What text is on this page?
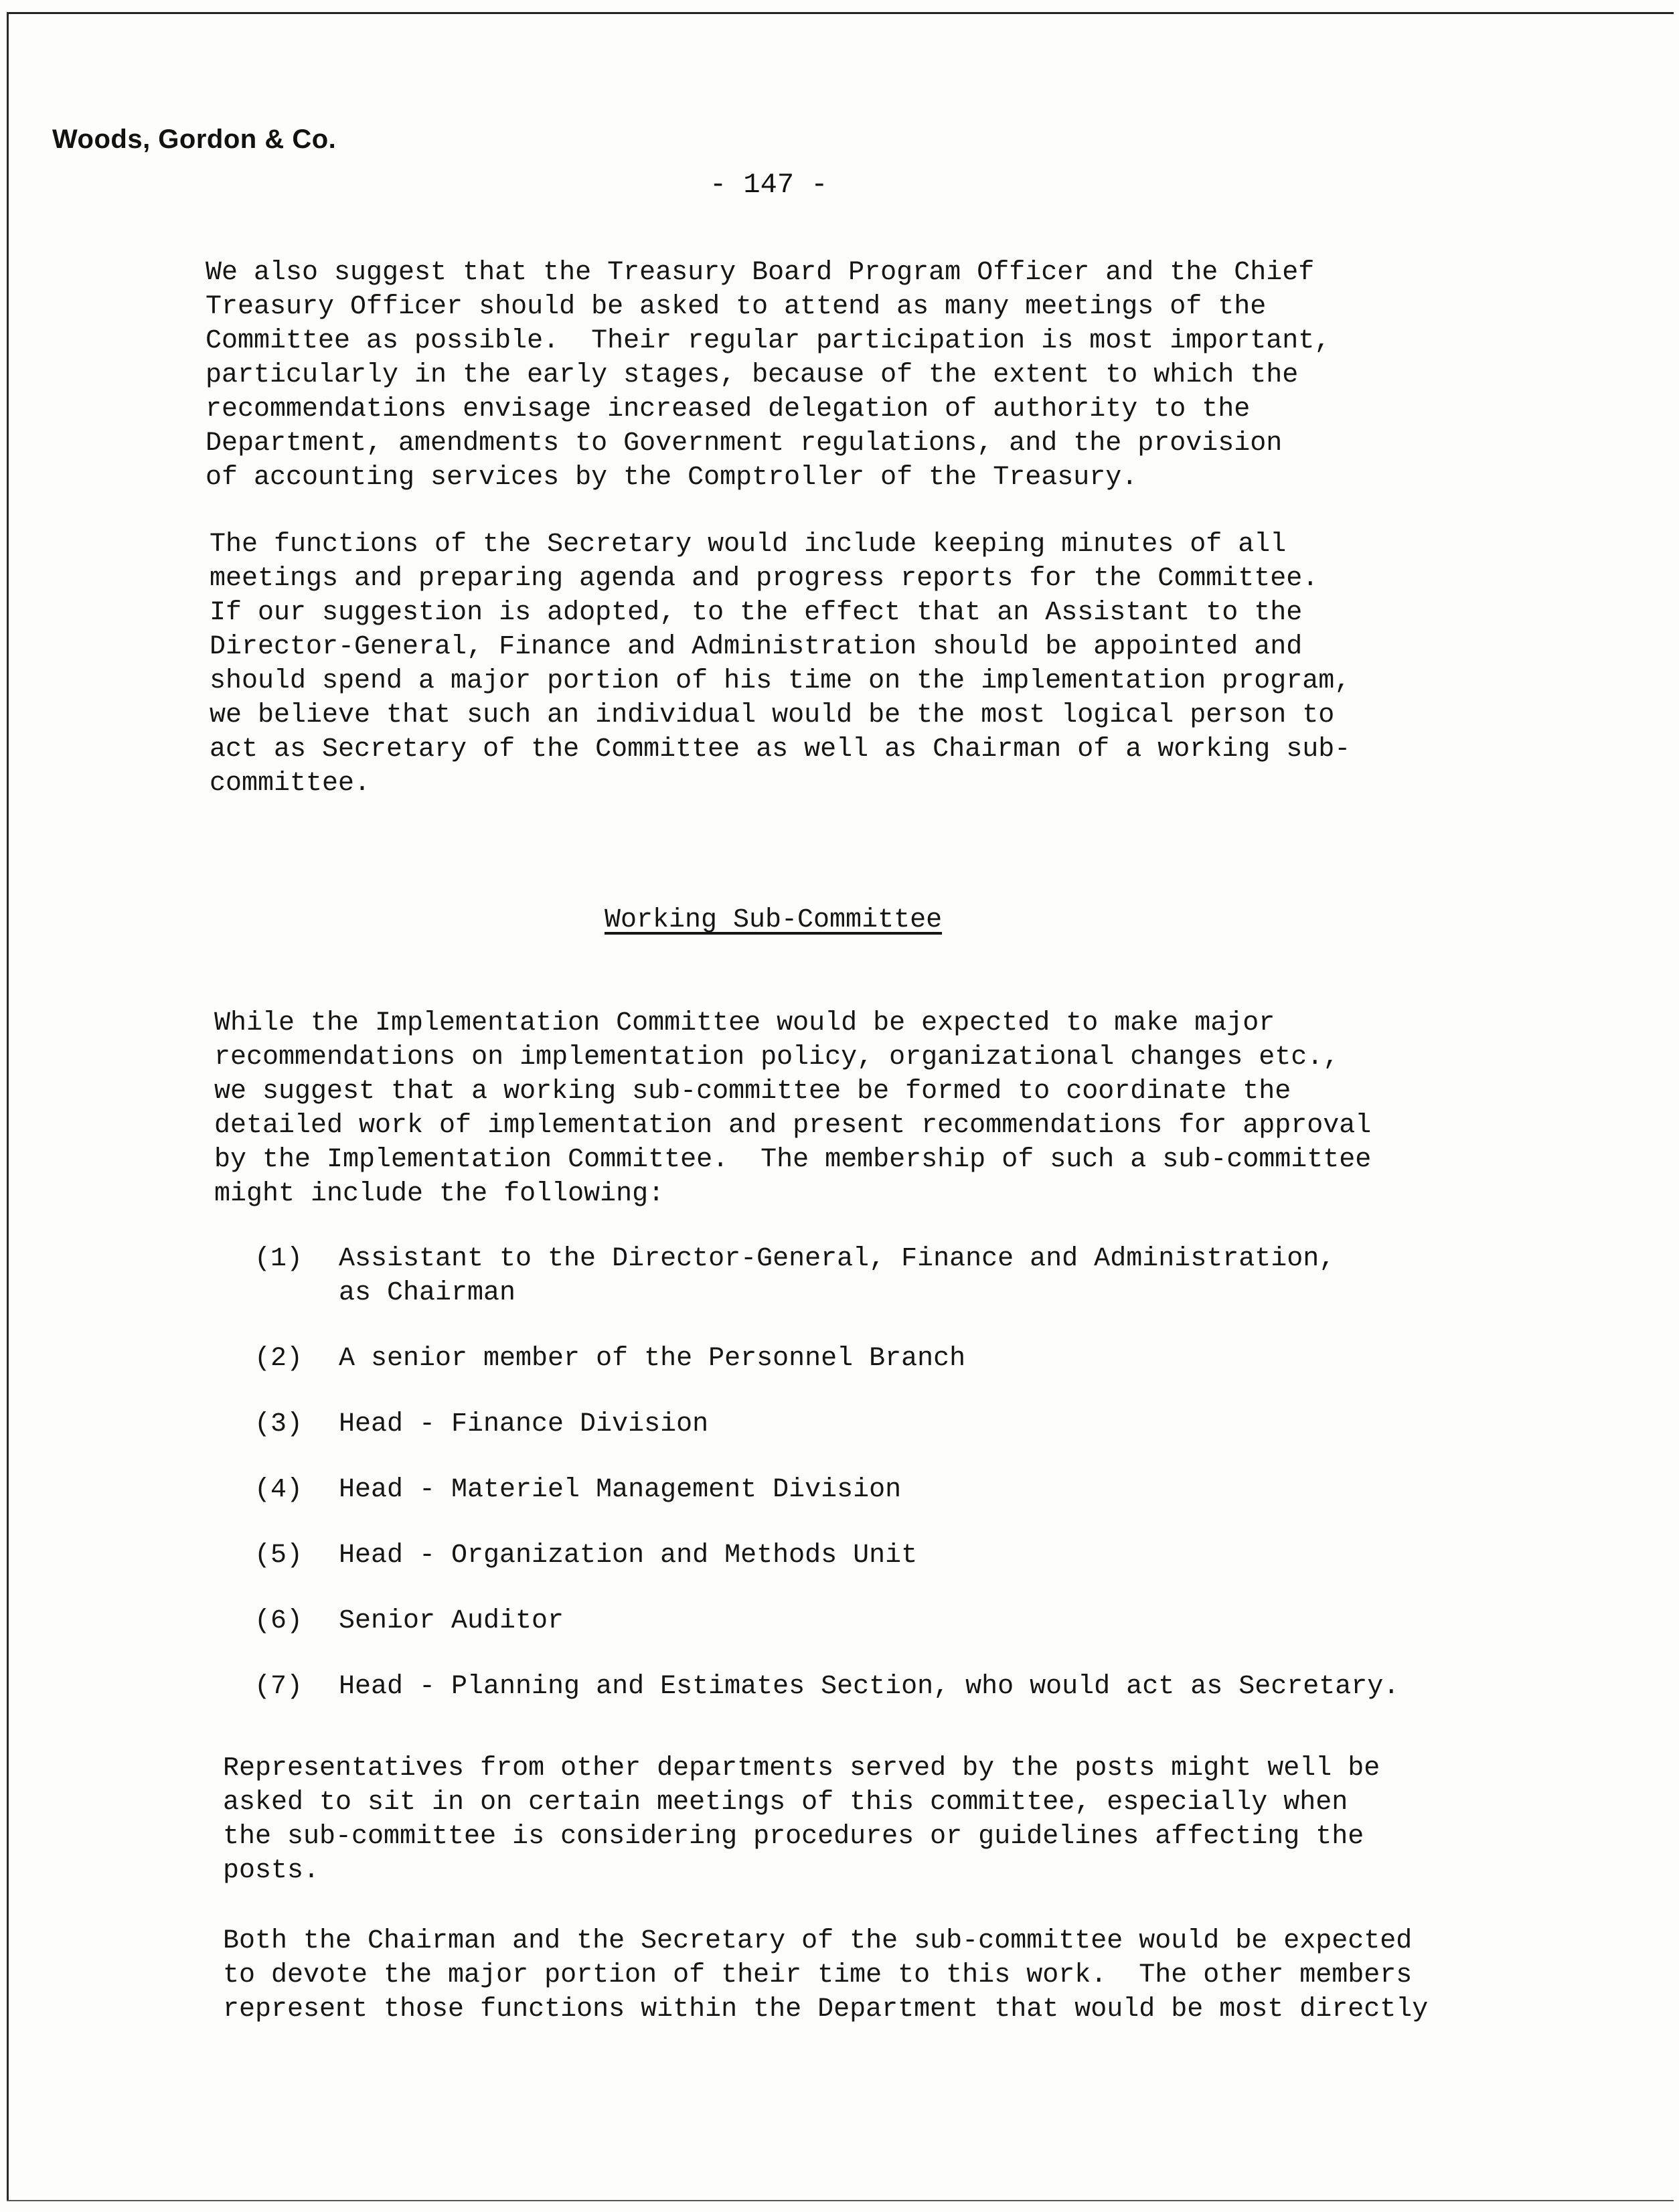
Woods, Gordon & Co.
- 147 -
We also suggest that the Treasury Board Program Officer and the Chief
Treasury Officer should be asked to attend as many meetings of the
Committee as possible.  Their regular participation is most important,
particularly in the early stages, because of the extent to which the
recommendations envisage increased delegation of authority to the
Department, amendments to Government regulations, and the provision
of accounting services by the Comptroller of the Treasury.
The functions of the Secretary would include keeping minutes of all
meetings and preparing agenda and progress reports for the Committee.
If our suggestion is adopted, to the effect that an Assistant to the
Director-General, Finance and Administration should be appointed and
should spend a major portion of his time on the implementation program,
we believe that such an individual would be the most logical person to
act as Secretary of the Committee as well as Chairman of a working sub-
committee.
Working Sub-Committee
While the Implementation Committee would be expected to make major
recommendations on implementation policy, organizational changes etc.,
we suggest that a working sub-committee be formed to coordinate the
detailed work of implementation and present recommendations for approval
by the Implementation Committee.  The membership of such a sub-committee
might include the following:
(1) Assistant to the Director-General, Finance and Administration,
as Chairman
(2) A senior member of the Personnel Branch
(3) Head - Finance Division
(4) Head - Materiel Management Division
(5) Head - Organization and Methods Unit
(6) Senior Auditor
(7) Head - Planning and Estimates Section, who would act as Secretary.
Representatives from other departments served by the posts might well be
asked to sit in on certain meetings of this committee, especially when
the sub-committee is considering procedures or guidelines affecting the
posts.
Both the Chairman and the Secretary of the sub-committee would be expected
to devote the major portion of their time to this work.  The other members
represent those functions within the Department that would be most directly
